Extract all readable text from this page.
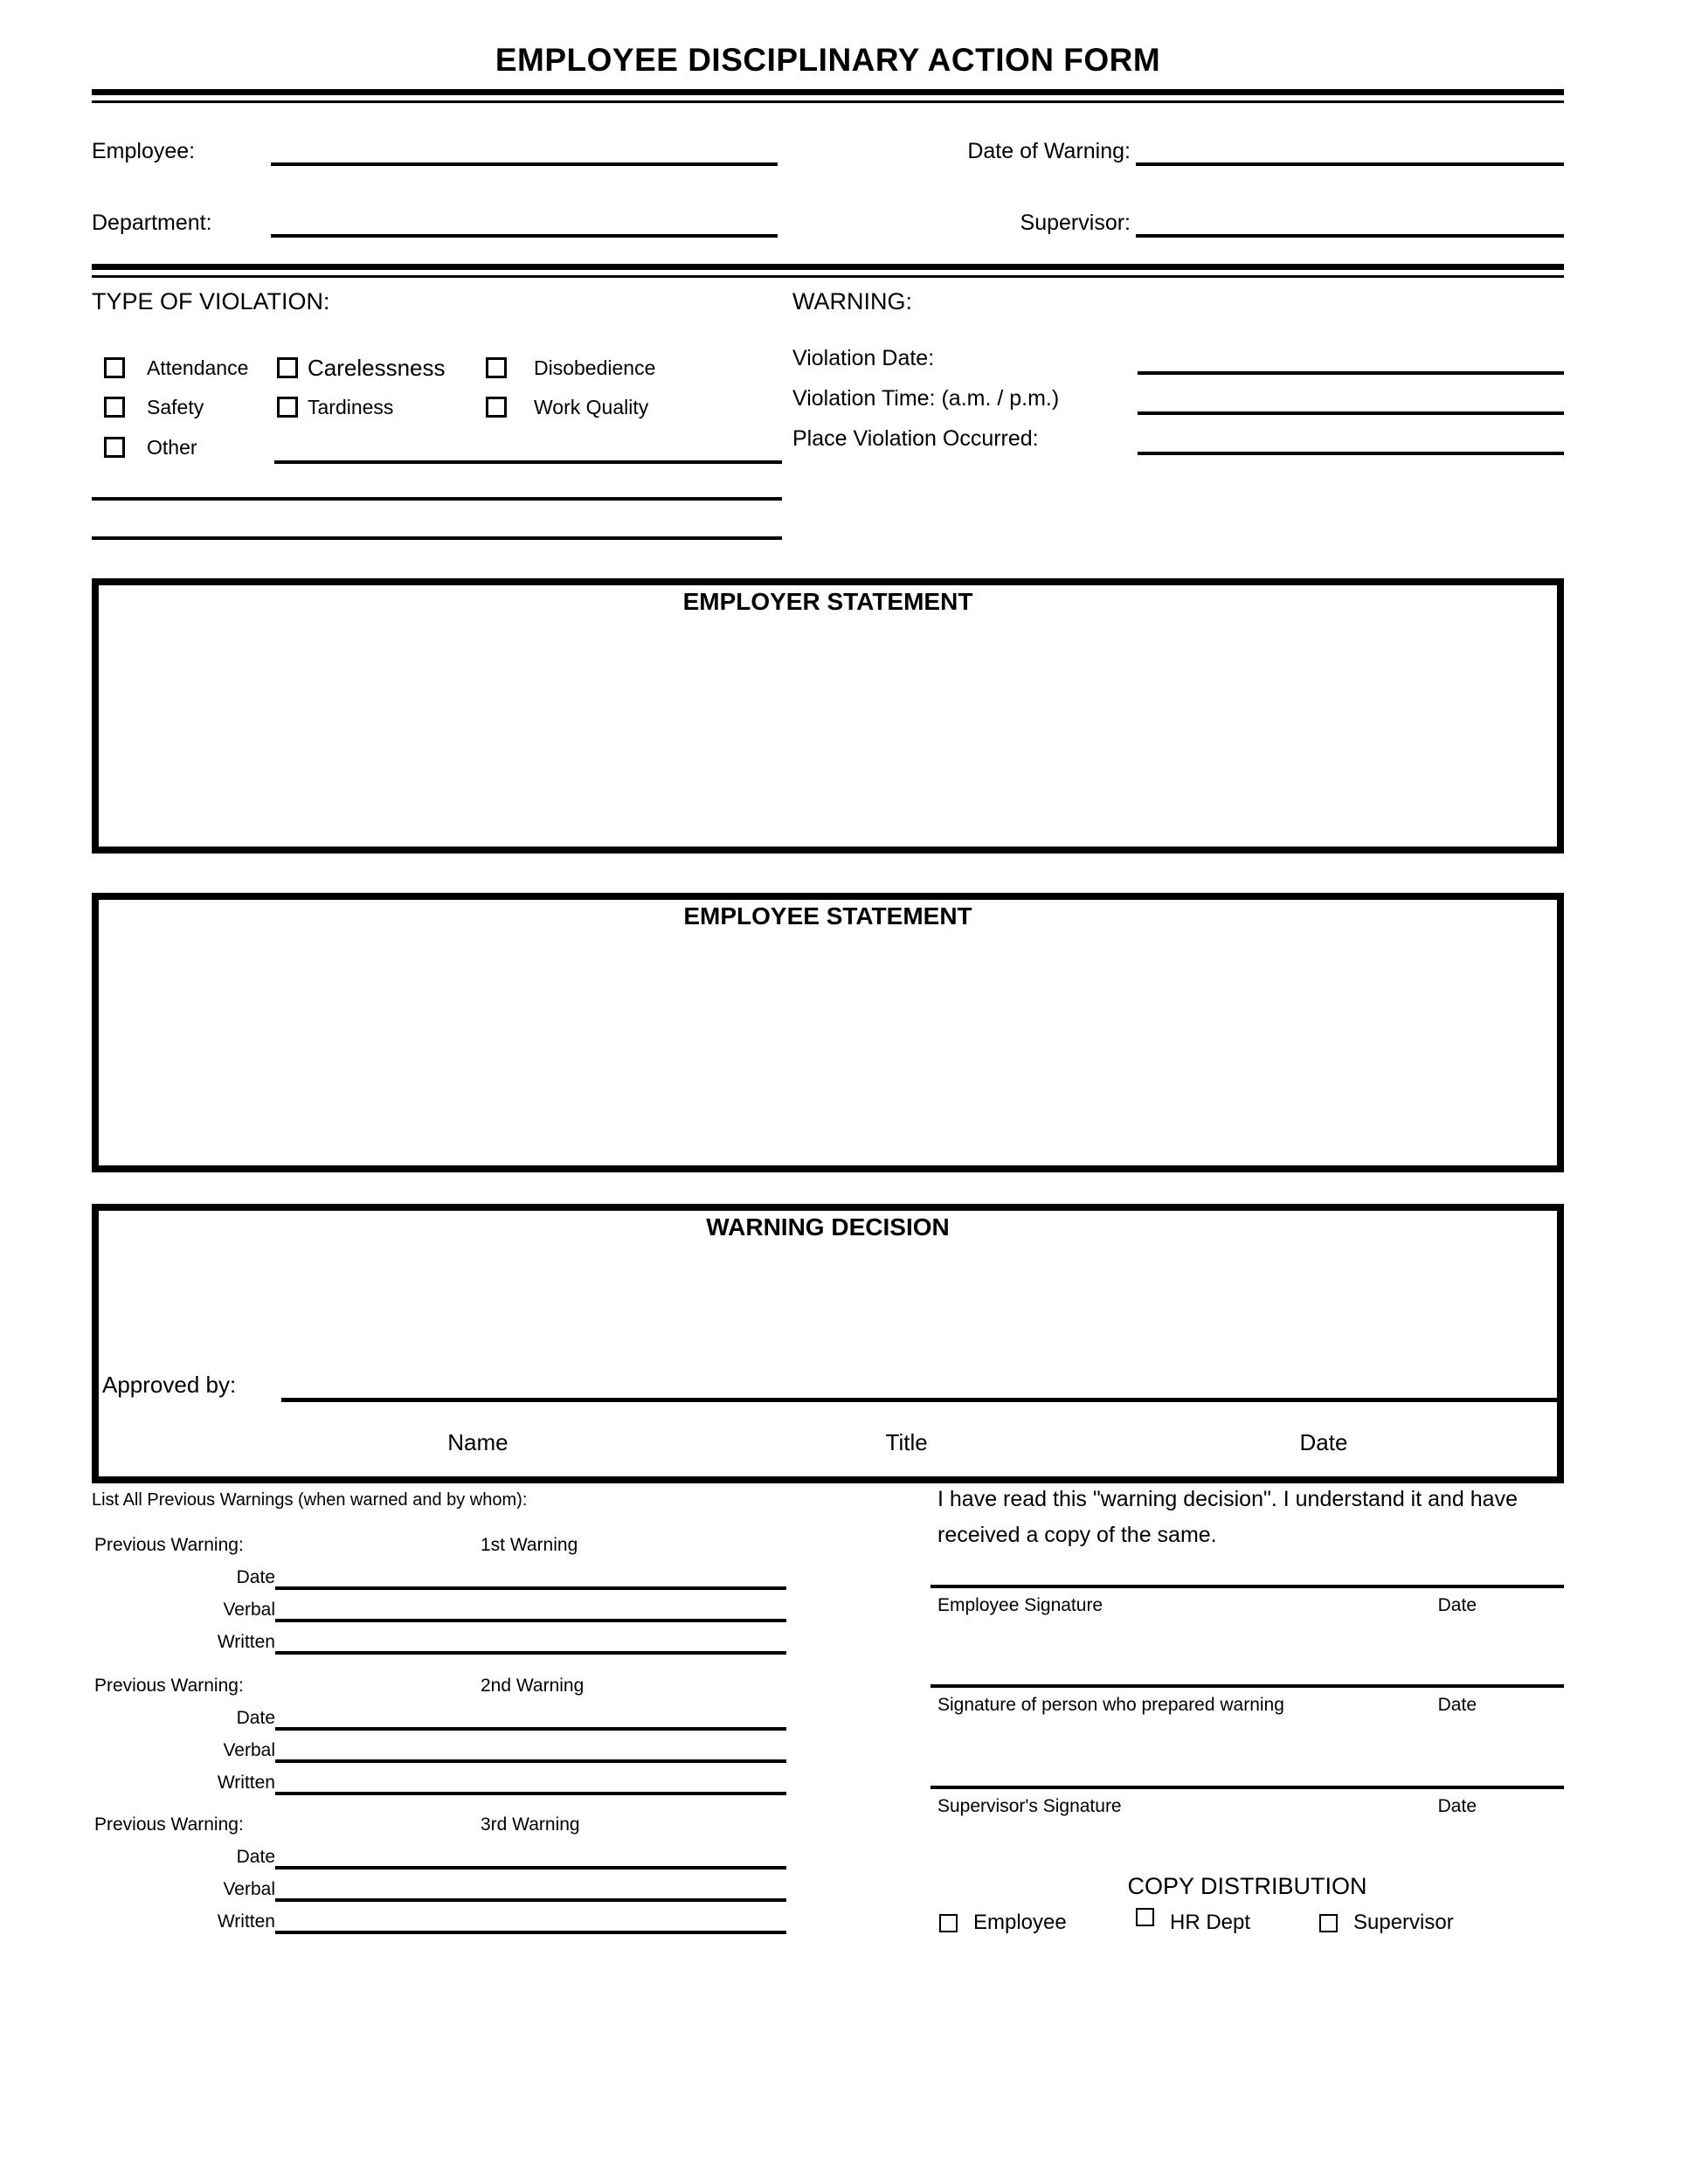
EMPLOYEE DISCIPLINARY ACTION FORM
Employee:	Date of Warning:
Department:	Supervisor:
TYPE OF VIOLATION:
Attendance	Carelessness	Disobedience
Safety	Tardiness	Work Quality
Other
WARNING:
Violation Date:
Violation Time: (a.m. / p.m.)
Place Violation Occurred:
EMPLOYER STATEMENT
EMPLOYEE STATEMENT
WARNING DECISION
Approved by:
Name	Title	Date
List All Previous Warnings (when warned and by whom):
Previous Warning:	1st Warning
Date
Verbal
Written
Previous Warning:	2nd Warning
Date
Verbal
Written
Previous Warning:	3rd Warning
Date
Verbal
Written
I have read this "warning decision". I understand it and have received a copy of the same.
Employee Signature	Date
Signature of person who prepared warning	Date
Supervisor's Signature	Date
COPY DISTRIBUTION
Employee	HR Dept	Supervisor
